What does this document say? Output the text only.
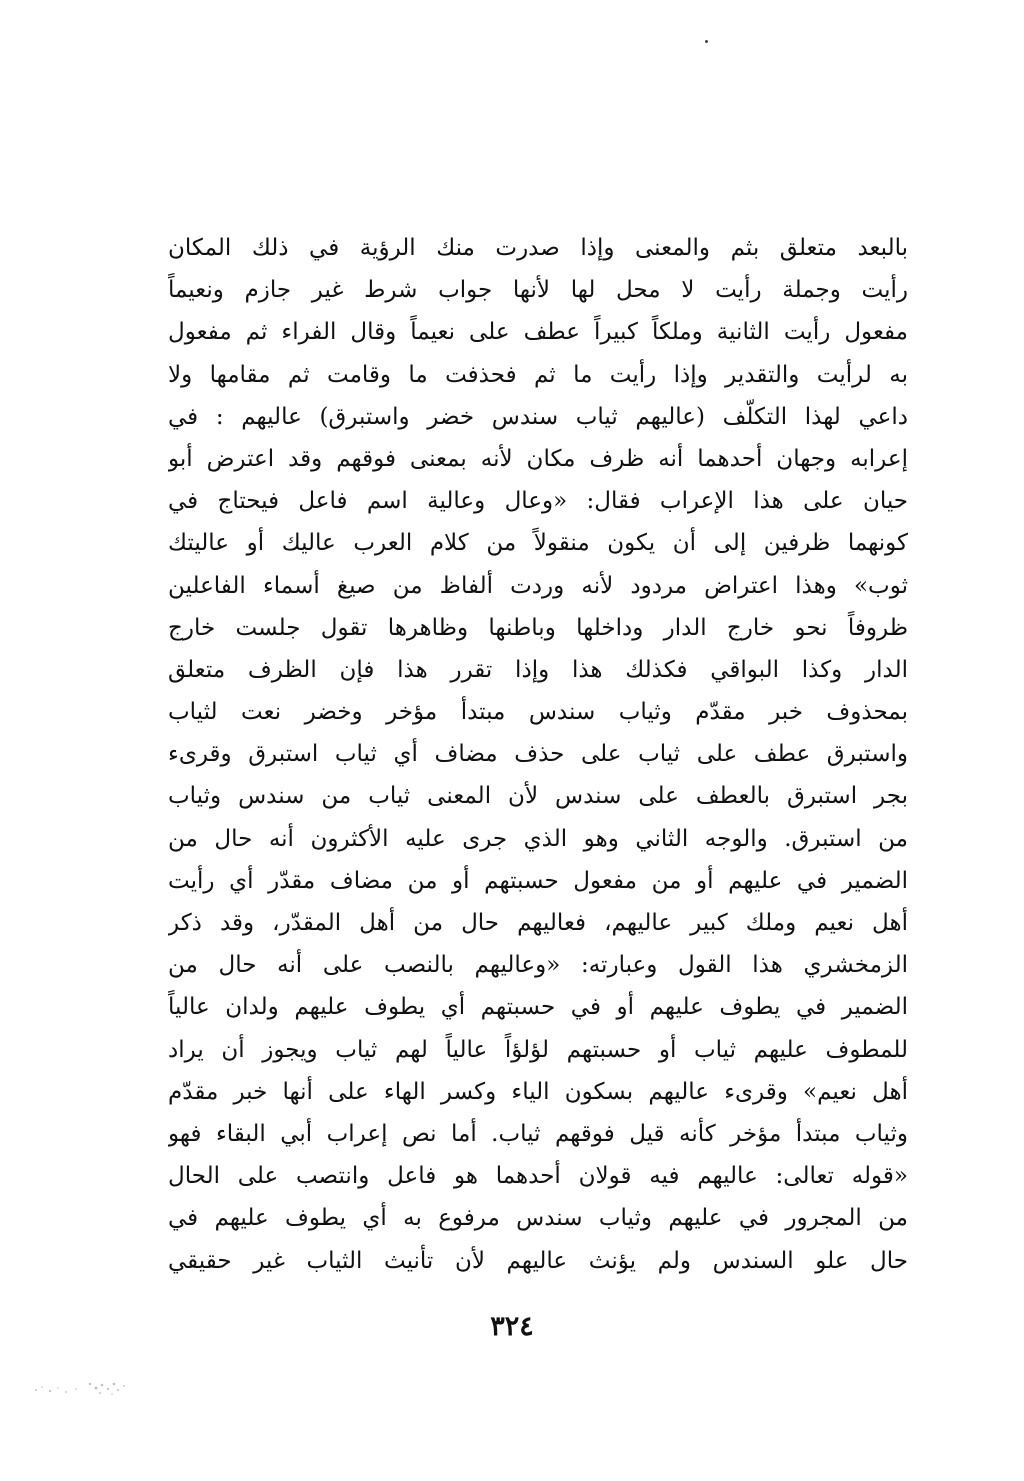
بالبعد متعلق بثم والمعنى وإذا صدرت منك الرؤية في ذلك المكان
رأيت وجملة رأيت لا محل لها لأنها جواب شرط غير جازم ونعيماً
مفعول رأيت الثانية وملكاً كبيراً عطف على نعيماً وقال الفراء ثم مفعول
به لرأيت والتقدير وإذا رأيت ما ثم فحذفت ما وقامت ثم مقامها ولا
داعي لهذا التكلّف (عاليهم ثياب سندس خضر واستبرق) عاليهم : في
إعرابه وجهان أحدهما أنه ظرف مكان لأنه بمعنى فوقهم وقد اعترض أبو
حيان على هذا الإعراب فقال: «وعال وعالية اسم فاعل فيحتاج في
كونهما ظرفين إلى أن يكون منقولاً من كلام العرب عاليك أو عاليتك
ثوب» وهذا اعتراض مردود لأنه وردت ألفاظ من صيغ أسماء الفاعلين
ظروفاً نحو خارج الدار وداخلها وباطنها وظاهرها تقول جلست خارج
الدار وكذا البواقي فكذلك هذا وإذا تقرر هذا فإن الظرف متعلق
بمحذوف خبر مقدّم وثياب سندس مبتدأ مؤخر وخضر نعت لثياب
واستبرق عطف على ثياب على حذف مضاف أي ثياب استبرق وقرىء
بجر استبرق بالعطف على سندس لأن المعنى ثياب من سندس وثياب
من استبرق. والوجه الثاني وهو الذي جرى عليه الأكثرون أنه حال من
الضمير في عليهم أو من مفعول حسبتهم أو من مضاف مقدّر أي رأيت
أهل نعيم وملك كبير عاليهم، فعاليهم حال من أهل المقدّر، وقد ذكر
الزمخشري هذا القول وعبارته: «وعاليهم بالنصب على أنه حال من
الضمير في يطوف عليهم أو في حسبتهم أي يطوف عليهم ولدان عالياً
للمطوف عليهم ثياب أو حسبتهم لؤلؤاً عالياً لهم ثياب ويجوز أن يراد
أهل نعيم» وقرىء عاليهم بسكون الياء وكسر الهاء على أنها خبر مقدّم
وثياب مبتدأ مؤخر كأنه قيل فوقهم ثياب. أما نص إعراب أبي البقاء فهو
«قوله تعالى: عاليهم فيه قولان أحدهما هو فاعل وانتصب على الحال
من المجرور في عليهم وثياب سندس مرفوع به أي يطوف عليهم في
حال علو السندس ولم يؤنث عاليهم لأن تأنيث الثياب غير حقيقي
٣٢٤
